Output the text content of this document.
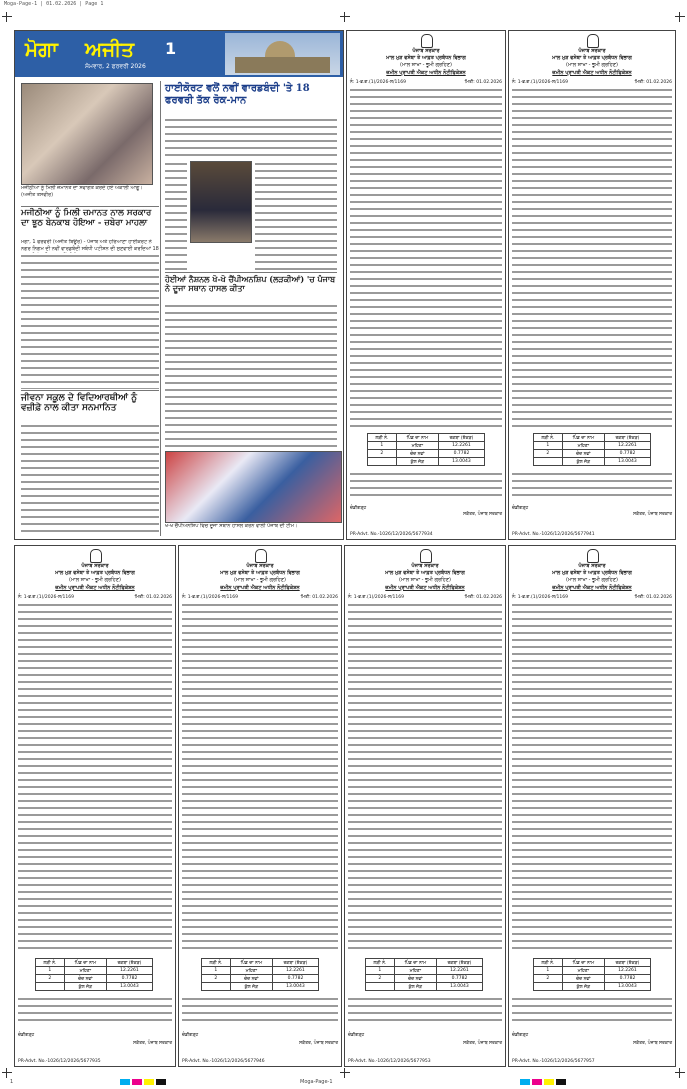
Moga-Page-1 | 01.02.2026 | Page 1
ਮੋਗਾ ਅਜੀਤ 1
ਸੋਮਵਾਰ, 2 ਫਰਵਰੀ 2026
ਮਜੀਠੀਆ ਨੂੰ ਮਿਲੀ ਜ਼ਮਾਨਤ ਦਾ ਸਵਾਗਤ ਕਰਦੇ ਹੋਏ ਅਕਾਲੀ ਆਗੂ। (ਅਜੀਤ ਤਸਵੀਰ)
ਹਾਈਕੋਰਟ ਵਲੋਂ ਨਵੀਂ ਵਾਰਡਬੰਦੀ 'ਤੇ 18 ਫਰਵਰੀ ਤੱਕ ਰੋਕ-ਮਾਨ
ਮਜੀਠੀਆ ਨੂੰ ਮਿਲੀ ਜ਼ਮਾਨਤ ਨਾਲ ਸਰਕਾਰ ਦਾ ਝੂਠ ਬੇਨਕਾਬ ਹੋਇਆ - ਜ਼ਬੇਰਾ ਮਾਹਲਾ
ਮੋਗਾ, 1 ਫਰਵਰੀ (ਅਜੀਤ ਬਿਊਰੋ) - ਪੰਜਾਬ ਅਤੇ ਹਰਿਆਣਾ ਹਾਈਕੋਰਟ ਨੇ ਨਗਰ ਨਿਗਮ ਦੀ ਨਵੀਂ ਵਾਰਡਬੰਦੀ ਸਬੰਧੀ ਪਟੀਸ਼ਨ ਦੀ ਸੁਣਵਾਈ ਕਰਦਿਆਂ 18
ਹੋਈਆਂ ਨੈਸ਼ਨਲ ਖੋ-ਖੋ ਚੈਂਪੀਅਨਸ਼ਿਪ (ਲੜਕੀਆਂ) 'ਚ ਪੰਜਾਬ ਨੇ ਦੂਜਾ ਸਥਾਨ ਹਾਸਲ ਕੀਤਾ
ਜੀਵਨਾ ਸਕੂਲ ਦੇ ਵਿਦਿਆਰਥੀਆਂ ਨੂੰ ਵਜ਼ੀਫ਼ੇ ਨਾਲ ਕੀਤਾ ਸਨਮਾਨਿਤ
ਖੋ-ਖੋ ਚੈਂਪੀਅਨਸ਼ਿਪ ਵਿਚ ਦੂਜਾ ਸਥਾਨ ਹਾਸਲ ਕਰਨ ਵਾਲੀ ਪੰਜਾਬ ਦੀ ਟੀਮ।
ਪੰਜਾਬ ਸਰਕਾਰ
ਮਾਲ ਮੁੜ ਵਸੇਬਾ ਤੇ ਆਫ਼ਤ ਪ੍ਰਬੰਧਨ ਵਿਭਾਗ
(ਮਾਲ ਸ਼ਾਖਾ - ਭੂਮੀ ਗ੍ਰਹਿਣ)
ਜ਼ਮੀਨ ਪ੍ਰਾਪਤੀ ਐਕਟ ਅਧੀਨ ਨੋਟੀਫਿਕੇਸ਼ਨ
ਨੰ: 1-ਭ.ਗ.(1)/2026-ਲ/1169	ਮਿਤੀ: 01.02.2026
ਲੜੀ ਨੰ.	ਪਿੰਡ ਦਾ ਨਾਮ	ਰਕਬਾ (ਏਕੜ)
1	ਮਹਿਣਾ	12.2261
2	ਚੰਦ ਨਵਾਂ	0.7782
	ਕੁੱਲ ਜੋੜ	13.0043
ਚੰਡੀਗੜ੍ਹ
ਸਕੱਤਰ, ਪੰਜਾਬ ਸਰਕਾਰ
PR-Advt. No.-1026/12/2026/5677934
ਪੰਜਾਬ ਸਰਕਾਰ
ਮਾਲ ਮੁੜ ਵਸੇਬਾ ਤੇ ਆਫ਼ਤ ਪ੍ਰਬੰਧਨ ਵਿਭਾਗ
(ਮਾਲ ਸ਼ਾਖਾ - ਭੂਮੀ ਗ੍ਰਹਿਣ)
ਜ਼ਮੀਨ ਪ੍ਰਾਪਤੀ ਐਕਟ ਅਧੀਨ ਨੋਟੀਫਿਕੇਸ਼ਨ
ਨੰ: 1-ਭ.ਗ.(1)/2026-ਲ/1169	ਮਿਤੀ: 01.02.2026
ਲੜੀ ਨੰ.	ਪਿੰਡ ਦਾ ਨਾਮ	ਰਕਬਾ (ਏਕੜ)
1	ਮਹਿਣਾ	12.2261
2	ਚੰਦ ਨਵਾਂ	0.7782
	ਕੁੱਲ ਜੋੜ	13.0043
ਚੰਡੀਗੜ੍ਹ
ਸਕੱਤਰ, ਪੰਜਾਬ ਸਰਕਾਰ
PR-Advt. No.-1026/12/2026/5677941
ਪੰਜਾਬ ਸਰਕਾਰ
ਮਾਲ ਮੁੜ ਵਸੇਬਾ ਤੇ ਆਫ਼ਤ ਪ੍ਰਬੰਧਨ ਵਿਭਾਗ
(ਮਾਲ ਸ਼ਾਖਾ - ਭੂਮੀ ਗ੍ਰਹਿਣ)
ਜ਼ਮੀਨ ਪ੍ਰਾਪਤੀ ਐਕਟ ਅਧੀਨ ਨੋਟੀਫਿਕੇਸ਼ਨ
ਨੰ: 1-ਭ.ਗ.(1)/2026-ਲ/1169	ਮਿਤੀ: 01.02.2026
ਲੜੀ ਨੰ.	ਪਿੰਡ ਦਾ ਨਾਮ	ਰਕਬਾ (ਏਕੜ)
1	ਮਹਿਣਾ	12.2261
2	ਚੰਦ ਨਵਾਂ	0.7782
	ਕੁੱਲ ਜੋੜ	13.0043
ਚੰਡੀਗੜ੍ਹ
ਸਕੱਤਰ, ਪੰਜਾਬ ਸਰਕਾਰ
PR-Advt. No.-1026/12/2026/5677935
ਪੰਜਾਬ ਸਰਕਾਰ
ਮਾਲ ਮੁੜ ਵਸੇਬਾ ਤੇ ਆਫ਼ਤ ਪ੍ਰਬੰਧਨ ਵਿਭਾਗ
(ਮਾਲ ਸ਼ਾਖਾ - ਭੂਮੀ ਗ੍ਰਹਿਣ)
ਜ਼ਮੀਨ ਪ੍ਰਾਪਤੀ ਐਕਟ ਅਧੀਨ ਨੋਟੀਫਿਕੇਸ਼ਨ
ਨੰ: 1-ਭ.ਗ.(1)/2026-ਲ/1169	ਮਿਤੀ: 01.02.2026
ਲੜੀ ਨੰ.	ਪਿੰਡ ਦਾ ਨਾਮ	ਰਕਬਾ (ਏਕੜ)
1	ਮਹਿਣਾ	12.2261
2	ਚੰਦ ਨਵਾਂ	0.7782
	ਕੁੱਲ ਜੋੜ	13.0043
ਚੰਡੀਗੜ੍ਹ
ਸਕੱਤਰ, ਪੰਜਾਬ ਸਰਕਾਰ
PR-Advt. No.-1026/12/2026/5677946
ਪੰਜਾਬ ਸਰਕਾਰ
ਮਾਲ ਮੁੜ ਵਸੇਬਾ ਤੇ ਆਫ਼ਤ ਪ੍ਰਬੰਧਨ ਵਿਭਾਗ
(ਮਾਲ ਸ਼ਾਖਾ - ਭੂਮੀ ਗ੍ਰਹਿਣ)
ਜ਼ਮੀਨ ਪ੍ਰਾਪਤੀ ਐਕਟ ਅਧੀਨ ਨੋਟੀਫਿਕੇਸ਼ਨ
ਨੰ: 1-ਭ.ਗ.(1)/2026-ਲ/1169	ਮਿਤੀ: 01.02.2026
ਲੜੀ ਨੰ.	ਪਿੰਡ ਦਾ ਨਾਮ	ਰਕਬਾ (ਏਕੜ)
1	ਮਹਿਣਾ	12.2261
2	ਚੰਦ ਨਵਾਂ	0.7782
	ਕੁੱਲ ਜੋੜ	13.0043
ਚੰਡੀਗੜ੍ਹ
ਸਕੱਤਰ, ਪੰਜਾਬ ਸਰਕਾਰ
PR-Advt. No.-1026/12/2026/5677953
ਪੰਜਾਬ ਸਰਕਾਰ
ਮਾਲ ਮੁੜ ਵਸੇਬਾ ਤੇ ਆਫ਼ਤ ਪ੍ਰਬੰਧਨ ਵਿਭਾਗ
(ਮਾਲ ਸ਼ਾਖਾ - ਭੂਮੀ ਗ੍ਰਹਿਣ)
ਜ਼ਮੀਨ ਪ੍ਰਾਪਤੀ ਐਕਟ ਅਧੀਨ ਨੋਟੀਫਿਕੇਸ਼ਨ
ਨੰ: 1-ਭ.ਗ.(1)/2026-ਲ/1169	ਮਿਤੀ: 01.02.2026
ਲੜੀ ਨੰ.	ਪਿੰਡ ਦਾ ਨਾਮ	ਰਕਬਾ (ਏਕੜ)
1	ਮਹਿਣਾ	12.2261
2	ਚੰਦ ਨਵਾਂ	0.7782
	ਕੁੱਲ ਜੋੜ	13.0043
ਚੰਡੀਗੜ੍ਹ
ਸਕੱਤਰ, ਪੰਜਾਬ ਸਰਕਾਰ
PR-Advt. No.-1026/12/2026/5677957
1	Moga-Page-1
